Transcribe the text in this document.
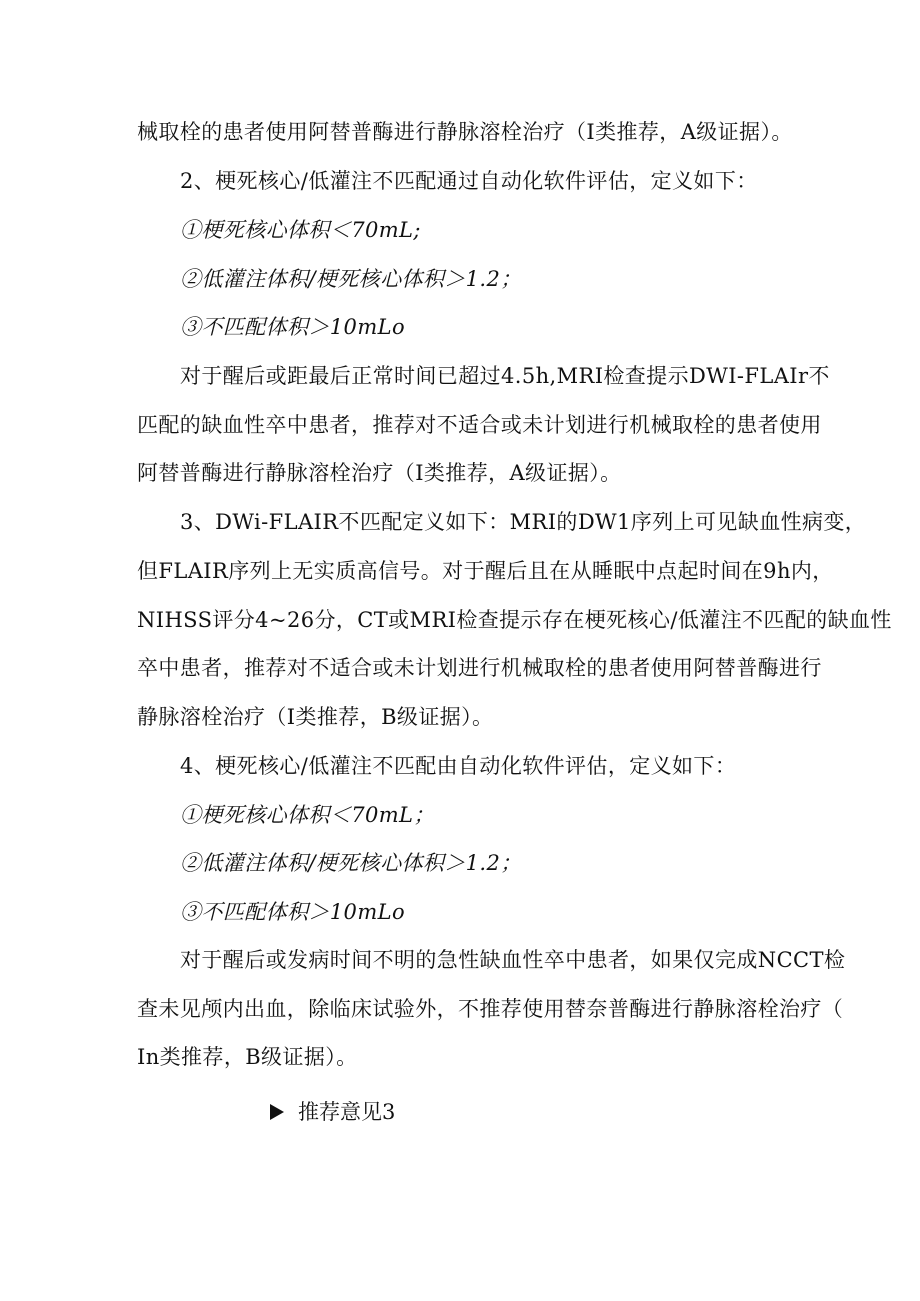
械取栓的患者使用阿替普酶进行静脉溶栓治疗（I类推荐，A级证据）。
2、梗死核心/低灌注不匹配通过自动化软件评估，定义如下：
①梗死核心体积＜70mL;
②低灌注体积/梗死核心体积＞1.2；
③不匹配体积＞10mLo
对于醒后或距最后正常时间已超过4.5h,MRI检查提示DWI-FLAIr不
匹配的缺血性卒中患者，推荐对不适合或未计划进行机械取栓的患者使用
阿替普酶进行静脉溶栓治疗（I类推荐，A级证据）。
3、DWi-FLAIR不匹配定义如下：MRI的DW1序列上可见缺血性病变，
但FLAIR序列上无实质高信号。对于醒后且在从睡眠中点起时间在9h内，
NIHSS评分4~26分，CT或MRI检查提示存在梗死核心/低灌注不匹配的缺血性
卒中患者，推荐对不适合或未计划进行机械取栓的患者使用阿替普酶进行
静脉溶栓治疗（I类推荐，B级证据）。
4、梗死核心/低灌注不匹配由自动化软件评估，定义如下：
①梗死核心体积＜70mL；
②低灌注体积/梗死核心体积＞1.2；
③不匹配体积＞10mLo
对于醒后或发病时间不明的急性缺血性卒中患者，如果仅完成NCCT检
查未见颅内出血，除临床试验外，不推荐使用替奈普酶进行静脉溶栓治疗（
In类推荐，B级证据）。
推荐意见3
